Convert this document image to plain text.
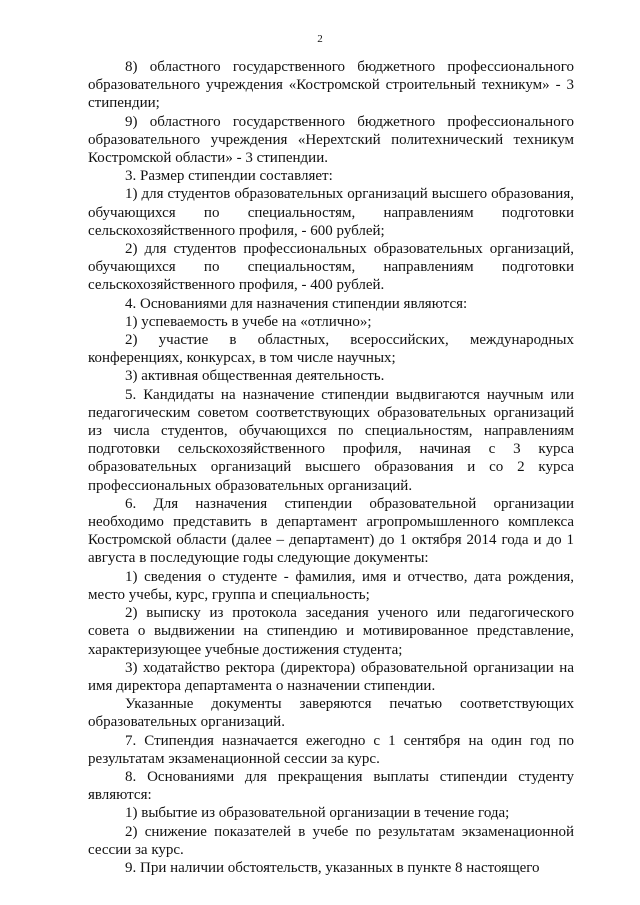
2

8) областного государственного бюджетного профессионального образовательного учреждения «Костромской строительный техникум» - 3 стипендии;

9) областного государственного бюджетного профессионального образовательного учреждения «Нерехтский политехнический техникум Костромской области» - 3 стипендии.

3. Размер стипендии составляет:

1) для студентов образовательных организаций высшего образования, обучающихся по специальностям, направлениям подготовки сельскохозяйственного профиля, - 600 рублей;

2) для студентов профессиональных образовательных организаций, обучающихся по специальностям, направлениям подготовки сельскохозяйственного профиля, - 400 рублей.

4. Основаниями для назначения стипендии являются:

1) успеваемость в учебе на «отлично»;

2) участие в областных, всероссийских, международных конференциях, конкурсах, в том числе научных;

3) активная общественная деятельность.

5. Кандидаты на назначение стипендии выдвигаются научным или педагогическим советом соответствующих образовательных организаций из числа студентов, обучающихся по специальностям, направлениям подготовки сельскохозяйственного профиля, начиная с 3 курса образовательных организаций высшего образования и со 2 курса профессиональных образовательных организаций.

6. Для назначения стипендии образовательной организации необходимо представить в департамент агропромышленного комплекса Костромской области (далее – департамент) до 1 октября 2014 года и до 1 августа в последующие годы следующие документы:

1) сведения о студенте - фамилия, имя и отчество, дата рождения, место учебы, курс, группа и специальность;

2) выписку из протокола заседания ученого или педагогического совета о выдвижении на стипендию и мотивированное представление, характеризующее учебные достижения студента;

3) ходатайство ректора (директора) образовательной организации на имя директора департамента о назначении стипендии.

Указанные документы заверяются печатью соответствующих образовательных организаций.

7. Стипендия назначается ежегодно с 1 сентября на один год по результатам экзаменационной сессии за курс.

8. Основаниями для прекращения выплаты стипендии студенту являются:

1) выбытие из образовательной организации в течение года;

2) снижение показателей в учебе по результатам экзаменационной сессии за курс.

9. При наличии обстоятельств, указанных в пункте 8 настоящего
